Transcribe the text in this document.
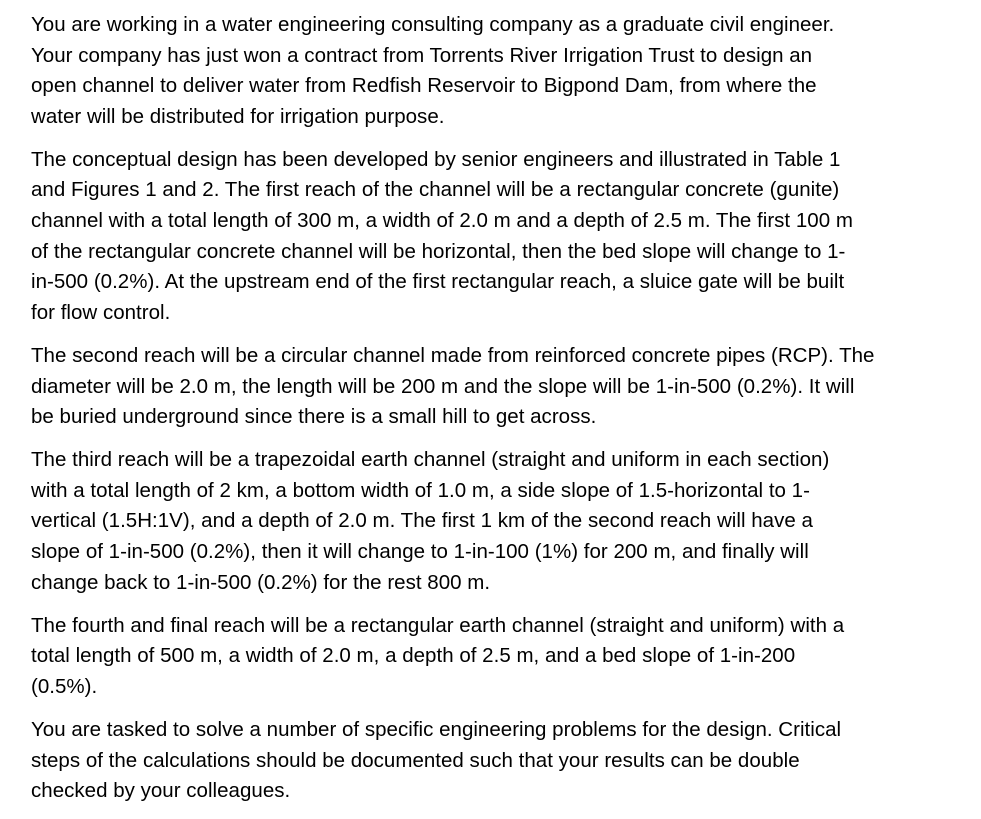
You are working in a water engineering consulting company as a graduate civil engineer.
Your company has just won a contract from Torrents River Irrigation Trust to design an
open channel to deliver water from Redfish Reservoir to Bigpond Dam, from where the
water will be distributed for irrigation purpose.

The conceptual design has been developed by senior engineers and illustrated in Table 1
and Figures 1 and 2. The first reach of the channel will be a rectangular concrete (gunite)
channel with a total length of 300 m, a width of 2.0 m and a depth of 2.5 m. The first 100 m
of the rectangular concrete channel will be horizontal, then the bed slope will change to 1-
in-500 (0.2%). At the upstream end of the first rectangular reach, a sluice gate will be built
for flow control.

The second reach will be a circular channel made from reinforced concrete pipes (RCP). The
diameter will be 2.0 m, the length will be 200 m and the slope will be 1-in-500 (0.2%). It will
be buried underground since there is a small hill to get across.

The third reach will be a trapezoidal earth channel (straight and uniform in each section)
with a total length of 2 km, a bottom width of 1.0 m, a side slope of 1.5-horizontal to 1-
vertical (1.5H:1V), and a depth of 2.0 m. The first 1 km of the second reach will have a
slope of 1-in-500 (0.2%), then it will change to 1-in-100 (1%) for 200 m, and finally will
change back to 1-in-500 (0.2%) for the rest 800 m.

The fourth and final reach will be a rectangular earth channel (straight and uniform) with a
total length of 500 m, a width of 2.0 m, a depth of 2.5 m, and a bed slope of 1-in-200
(0.5%).

You are tasked to solve a number of specific engineering problems for the design. Critical
steps of the calculations should be documented such that your results can be double
checked by your colleagues.
